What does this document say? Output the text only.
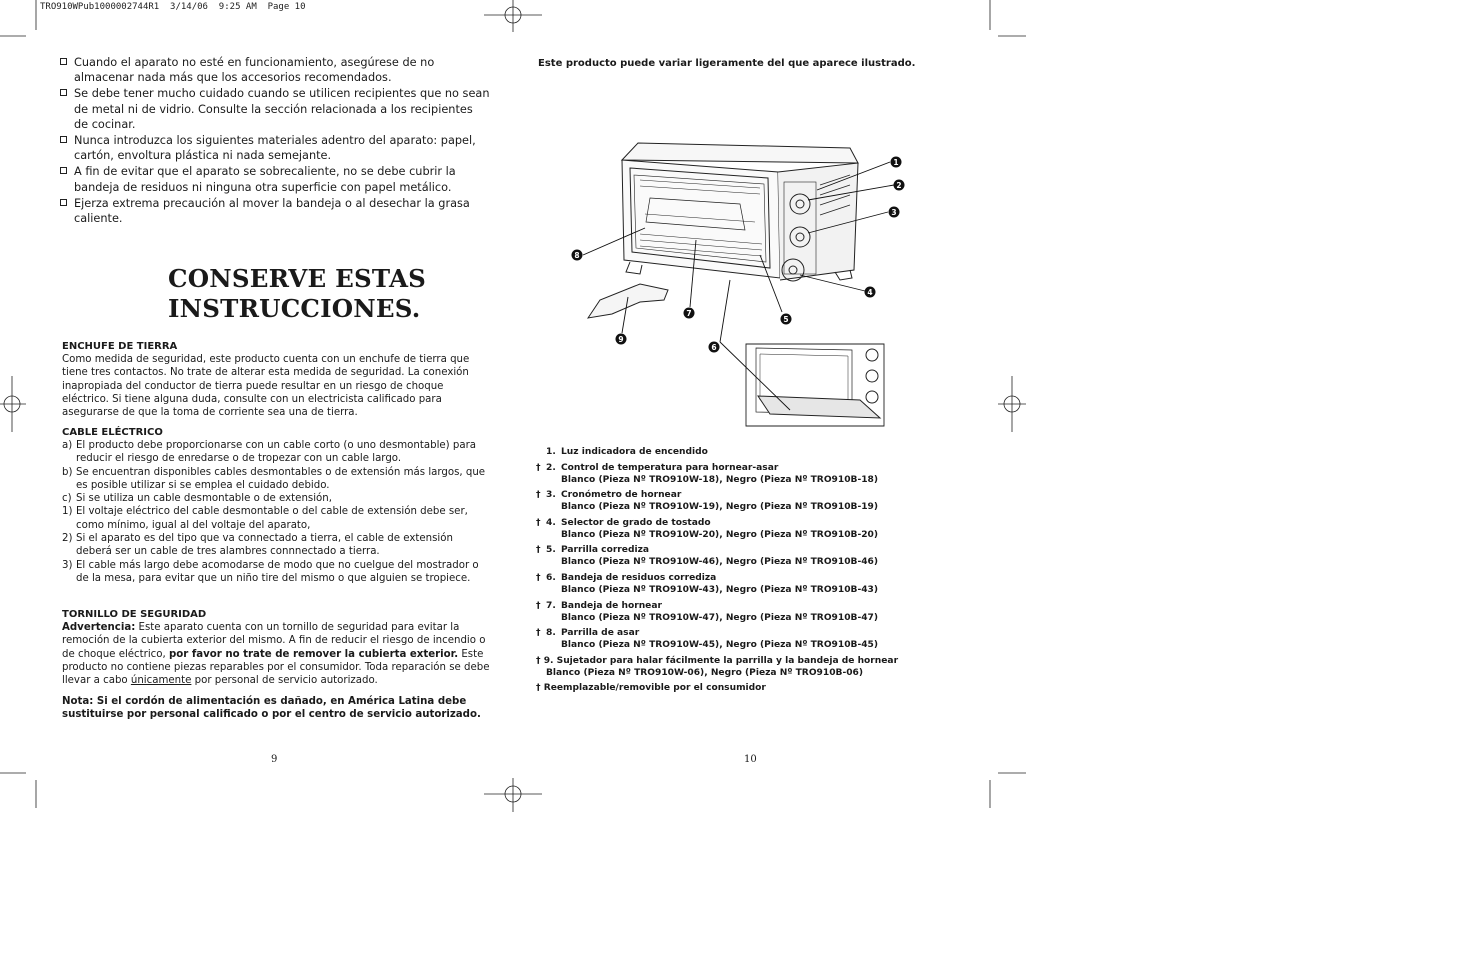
TRO910WPub1000002744R1  3/14/06  9:25 AM  Page 10
Cuando el aparato no esté en funcionamiento, asegúrese de no almacenar nada más que los accesorios recomendados.
Se debe tener mucho cuidado cuando se utilicen recipientes que no sean de metal ni de vidrio. Consulte la sección relacionada a los recipientes de cocinar.
Nunca introduzca los siguientes materiales adentro del aparato: papel, cartón, envoltura plástica ni nada semejante.
A fin de evitar que el aparato se sobrecaliente, no se debe cubrir la bandeja de residuos ni ninguna otra superficie con papel metálico.
Ejerza extrema precaución al mover la bandeja o al desechar la grasa caliente.
CONSERVE ESTAS
INSTRUCCIONES.
ENCHUFE DE TIERRA

Como medida de seguridad, este producto cuenta con un enchufe de tierra que tiene tres contactos. No trate de alterar esta medida de seguridad. La conexión inapropiada del conductor de tierra puede resultar en un riesgo de choque eléctrico. Si tiene alguna duda, consulte con un electricista calificado para asegurarse de que la toma de corriente sea una de tierra.

CABLE ELÉCTRICO
a) El producto debe proporcionarse con un cable corto (o uno desmontable) para reducir el riesgo de enredarse o de tropezar con un cable largo.
b) Se encuentran disponibles cables desmontables o de extensión más largos, que es posible utilizar si se emplea el cuidado debido.
c) Si se utiliza un cable desmontable o de extensión,
1) El voltaje eléctrico del cable desmontable o del cable de extensión debe ser, como mínimo, igual al del voltaje del aparato,
2) Si el aparato es del tipo que va connectado a tierra, el cable de extensión deberá ser un cable de tres alambres connnectado a tierra.
3) El cable más largo debe acomodarse de modo que no cuelgue del mostrador o de la mesa, para evitar que un niño tire del mismo o que alguien se tropiece.
TORNILLO DE SEGURIDAD

Advertencia: Este aparato cuenta con un tornillo de seguridad para evitar la remoción de la cubierta exterior del mismo. A fin de reducir el riesgo de incendio o de choque eléctrico, por favor no trate de remover la cubierta exterior. Este producto no contiene piezas reparables por el consumidor. Toda reparación se debe llevar a cabo únicamente por personal de servicio autorizado.

Nota: Si el cordón de alimentación es dañado, en América Latina debe sustituirse por personal calificado o por el centro de servicio autorizado.
9	10
Este producto puede variar ligeramente del que aparece ilustrado.
1
2
3
4
5
6
7
8
9
1. Luz indicadora de encendido
† 2. Control de temperatura para hornear-asar
Blanco (Pieza Nº TRO910W-18), Negro (Pieza Nº TRO910B-18)
† 3. Cronómetro de hornear
Blanco (Pieza Nº TRO910W-19), Negro (Pieza Nº TRO910B-19)
† 4. Selector de grado de tostado
Blanco (Pieza Nº TRO910W-20), Negro (Pieza Nº TRO910B-20)
† 5. Parrilla corrediza
Blanco (Pieza Nº TRO910W-46), Negro (Pieza Nº TRO910B-46)
† 6. Bandeja de residuos corrediza
Blanco (Pieza Nº TRO910W-43), Negro (Pieza Nº TRO910B-43)
† 7. Bandeja de hornear
Blanco (Pieza Nº TRO910W-47), Negro (Pieza Nº TRO910B-47)
† 8. Parrilla de asar
Blanco (Pieza Nº TRO910W-45), Negro (Pieza Nº TRO910B-45)
† 9. Sujetador para halar fácilmente la parrilla y la bandeja de hornear
Blanco (Pieza Nº TRO910W-06), Negro (Pieza Nº TRO910B-06)
† Reemplazable/removible por el consumidor
